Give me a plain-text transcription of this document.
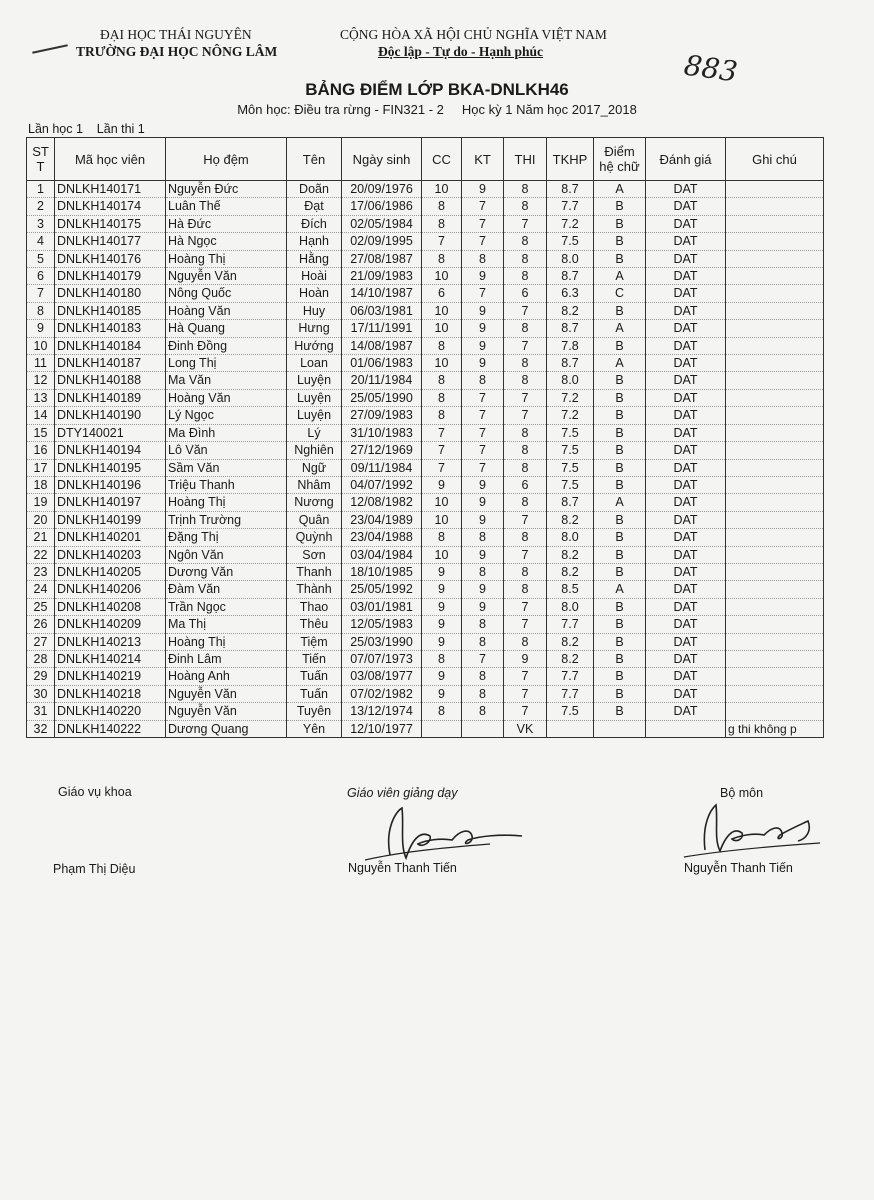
ĐẠI HỌC THÁI NGUYÊN
TRƯỜNG ĐẠI HỌC NÔNG LÂM
CỘNG HÒA XÃ HỘI CHỦ NGHĨA VIỆT NAM
Độc lập - Tự do - Hạnh phúc	883
BẢNG ĐIỂM LỚP BKA-DNLKH46
Môn học: Điều tra rừng - FIN321 - 2     Học kỳ 1 Năm học 2017_2018
Lần học 1    Lần thi 1
ST T	Mã học viên	Họ đệm	Tên	Ngày sinh	CC	KT	THI	TKHP	Điểm hệ chữ	Đánh giá	Ghi chú
1	DNLKH140171	Nguyễn Đức	Doãn	20/09/1976	10	9	8	8.7	A	DAT	
2	DNLKH140174	Luân Thế	Đạt	17/06/1986	8	7	8	7.7	B	DAT	
3	DNLKH140175	Hà Đức	Đích	02/05/1984	8	7	7	7.2	B	DAT	
4	DNLKH140177	Hà Ngọc	Hạnh	02/09/1995	7	7	8	7.5	B	DAT	
5	DNLKH140176	Hoàng Thị	Hằng	27/08/1987	8	8	8	8.0	B	DAT	
6	DNLKH140179	Nguyễn Văn	Hoài	21/09/1983	10	9	8	8.7	A	DAT	
7	DNLKH140180	Nông Quốc	Hoàn	14/10/1987	6	7	6	6.3	C	DAT	
8	DNLKH140185	Hoàng Văn	Huy	06/03/1981	10	9	7	8.2	B	DAT	
9	DNLKH140183	Hà Quang	Hưng	17/11/1991	10	9	8	8.7	A	DAT	
10	DNLKH140184	Đinh Đồng	Hướng	14/08/1987	8	9	7	7.8	B	DAT	
11	DNLKH140187	Long Thị	Loan	01/06/1983	10	9	8	8.7	A	DAT	
12	DNLKH140188	Ma Văn	Luyện	20/11/1984	8	8	8	8.0	B	DAT	
13	DNLKH140189	Hoàng Văn	Luyện	25/05/1990	8	7	7	7.2	B	DAT	
14	DNLKH140190	Lý Ngọc	Luyện	27/09/1983	8	7	7	7.2	B	DAT	
15	DTY140021	Ma Đình	Lý	31/10/1983	7	7	8	7.5	B	DAT	
16	DNLKH140194	Lô Văn	Nghiên	27/12/1969	7	7	8	7.5	B	DAT	
17	DNLKH140195	Sầm Văn	Ngữ	09/11/1984	7	7	8	7.5	B	DAT	
18	DNLKH140196	Triệu Thanh	Nhâm	04/07/1992	9	9	6	7.5	B	DAT	
19	DNLKH140197	Hoàng Thị	Nương	12/08/1982	10	9	8	8.7	A	DAT	
20	DNLKH140199	Trịnh Trường	Quân	23/04/1989	10	9	7	8.2	B	DAT	
21	DNLKH140201	Đặng Thị	Quỳnh	23/04/1988	8	8	8	8.0	B	DAT	
22	DNLKH140203	Ngôn Văn	Sơn	03/04/1984	10	9	7	8.2	B	DAT	
23	DNLKH140205	Dương Văn	Thanh	18/10/1985	9	8	8	8.2	B	DAT	
24	DNLKH140206	Đàm Văn	Thành	25/05/1992	9	9	8	8.5	A	DAT	
25	DNLKH140208	Trần Ngọc	Thao	03/01/1981	9	9	7	8.0	B	DAT	
26	DNLKH140209	Ma Thị	Thêu	12/05/1983	9	8	7	7.7	B	DAT	
27	DNLKH140213	Hoàng Thị	Tiệm	25/03/1990	9	8	8	8.2	B	DAT	
28	DNLKH140214	Đinh Lâm	Tiến	07/07/1973	8	7	9	8.2	B	DAT	
29	DNLKH140219	Hoàng Anh	Tuấn	03/08/1977	9	8	7	7.7	B	DAT	
30	DNLKH140218	Nguyễn Văn	Tuấn	07/02/1982	9	8	7	7.7	B	DAT	
31	DNLKH140220	Nguyễn Văn	Tuyên	13/12/1974	8	8	7	7.5	B	DAT	
32	DNLKH140222	Dương Quang	Yên	12/10/1977			VK				g thi không p
Giáo vụ khoa	Giáo viên giảng dạy	Bộ môn
Phạm Thị Diệu	Nguyễn Thanh Tiến	Nguyễn Thanh Tiến
